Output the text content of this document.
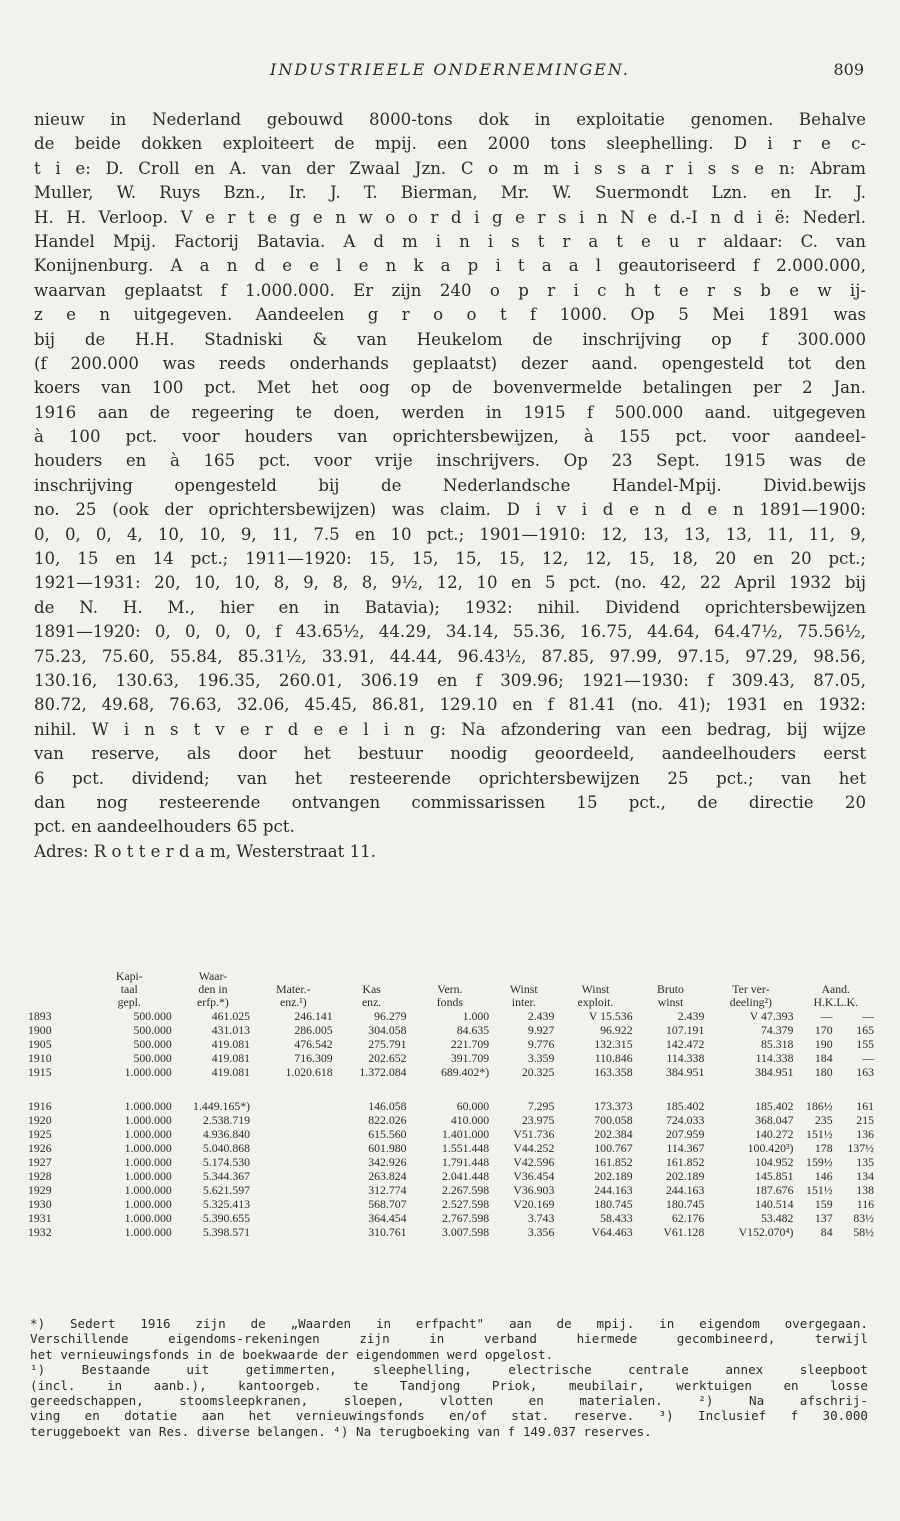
INDUSTRIEELE ONDERNEMINGEN.	809
nieuw in Nederland gebouwd 8000-tons dok in exploitatie genomen. Behalve
de beide dokken exploiteert de mpij. een 2000 tons sleephelling. D i r e c-
t i e: D. Croll en A. van der Zwaal Jzn. C o m m i s s a r i s s e n: Abram
Muller, W. Ruys Bzn., Ir. J. T. Bierman, Mr. W. Suermondt Lzn. en Ir. J.
H. H. Verloop. V e r t e g e n w o o r d i g e r s i n N e d.-I n d i ë: Nederl.
Handel Mpij. Factorij Batavia. A d m i n i s t r a t e u r aldaar: C. van
Konijnenburg. A a n d e e l e n k a p i t a a l geautoriseerd f 2.000.000,
waarvan geplaatst f 1.000.000. Er zijn 240 o p r i c h t e r s b e w ij-
z e n uitgegeven. Aandeelen g r o o t f 1000. Op 5 Mei 1891 was
bij de H.H. Stadniski & van Heukelom de inschrijving op f 300.000
(f 200.000 was reeds onderhands geplaatst) dezer aand. opengesteld tot den
koers van 100 pct. Met het oog op de bovenvermelde betalingen per 2 Jan.
1916 aan de regeering te doen, werden in 1915 f 500.000 aand. uitgegeven
à 100 pct. voor houders van oprichtersbewijzen, à 155 pct. voor aandeel-
houders en à 165 pct. voor vrije inschrijvers. Op 23 Sept. 1915 was de
inschrijving opengesteld bij de Nederlandsche Handel-Mpij. Divid.bewijs
no. 25 (ook der oprichtersbewijzen) was claim. D i v i d e n d e n 1891—1900:
0, 0, 0, 4, 10, 10, 9, 11, 7.5 en 10 pct.; 1901—1910: 12, 13, 13, 13, 11, 11, 9,
10, 15 en 14 pct.; 1911—1920: 15, 15, 15, 15, 12, 12, 15, 18, 20 en 20 pct.;
1921—1931: 20, 10, 10, 8, 9, 8, 8, 9½, 12, 10 en 5 pct. (no. 42, 22 April 1932 bij
de N. H. M., hier en in Batavia); 1932: nihil. Dividend oprichtersbewijzen
1891—1920: 0, 0, 0, 0, f 43.65½, 44.29, 34.14, 55.36, 16.75, 44.64, 64.47½, 75.56½,
75.23, 75.60, 55.84, 85.31½, 33.91, 44.44, 96.43½, 87.85, 97.99, 97.15, 97.29, 98.56,
130.16, 130.63, 196.35, 260.01, 306.19 en f 309.96; 1921—1930: f 309.43, 87.05,
80.72, 49.68, 76.63, 32.06, 45.45, 86.81, 129.10 en f 81.41 (no. 41); 1931 en 1932:
nihil. W i n s t v e r d e e l i n g: Na afzondering van een bedrag, bij wijze
van reserve, als door het bestuur noodig geoordeeld, aandeelhouders eerst
6 pct. dividend; van het resteerende oprichtersbewijzen 25 pct.; van het
dan nog resteerende ontvangen commissarissen 15 pct., de directie 20
pct. en aandeelhouders 65 pct.
Adres: R o t t e r d a m, Westerstraat 11.
	Kapi-
taal
gepl.	Waar-
den in
erfp.*)	Mater.-
enz.¹)	Kas
enz.	Vern.
fonds	Winst
inter.	Winst
exploit.	Bruto
winst	Ter ver-
deeling²)	Aand.
H.K.L.K.	
1893	500.000	461.025	246.141	96.279	1.000	2.439	V 15.536	2.439	V 47.393	—	—
1900	500.000	431.013	286.005	304.058	84.635	9.927	96.922	107.191	74.379	170	165
1905	500.000	419.081	476.542	275.791	221.709	9.776	132.315	142.472	85.318	190	155
1910	500.000	419.081	716.309	202.652	391.709	3.359	110.846	114.338	114.338	184	—
1915	1.000.000	419.081	1.020.618	1.372.084	689.402*)	20.325	163.358	384.951	384.951	180	163

1916	1.000.000	1.449.165*)		146.058	60.000	7.295	173.373	185.402	185.402	186½	161
1920	1.000.000	2.538.719		822.026	410.000	23.975	700.058	724.033	368.047	235	215
1925	1.000.000	4.936.840		615.560	1.401.000	V51.736	202.384	207.959	140.272	151½	136
1926	1.000.000	5.040.868		601.980	1.551.448	V44.252	100.767	114.367	100.420³)	178	137½
1927	1.000.000	5.174.530		342.926	1.791.448	V42.596	161.852	161.852	104.952	159½	135
1928	1.000.000	5.344.367		263.824	2.041.448	V36.454	202.189	202.189	145.851	146	134
1929	1.000.000	5.621.597		312.774	2.267.598	V36.903	244.163	244.163	187.676	151½	138
1930	1.000.000	5.325.413		568.707	2.527.598	V20.169	180.745	180.745	140.514	159	116
1931	1.000.000	5.390.655		364.454	2.767.598	3.743	58.433	62.176	53.482	137	83½
1932	1.000.000	5.398.571		310.761	3.007.598	3.356	V64.463	V61.128	V152.070⁴)	84	58½
*) Sedert 1916 zijn de „Waarden in erfpacht" aan de mpij. in eigendom overgegaan.
Verschillende eigendoms-rekeningen zijn in verband hiermede gecombineerd, terwijl
het vernieuwingsfonds in de boekwaarde der eigendommen werd opgelost.
¹) Bestaande uit getimmerten, sleephelling, electrische centrale annex sleepboot
(incl. in aanb.), kantoorgeb. te Tandjong Priok, meubilair, werktuigen en losse
gereedschappen, stoomsleepkranen, sloepen, vlotten en materialen. ²) Na afschrij-
ving en dotatie aan het vernieuwingsfonds en/of stat. reserve. ³) Inclusief f 30.000
teruggeboekt van Res. diverse belangen. ⁴) Na terugboeking van f 149.037 reserves.
